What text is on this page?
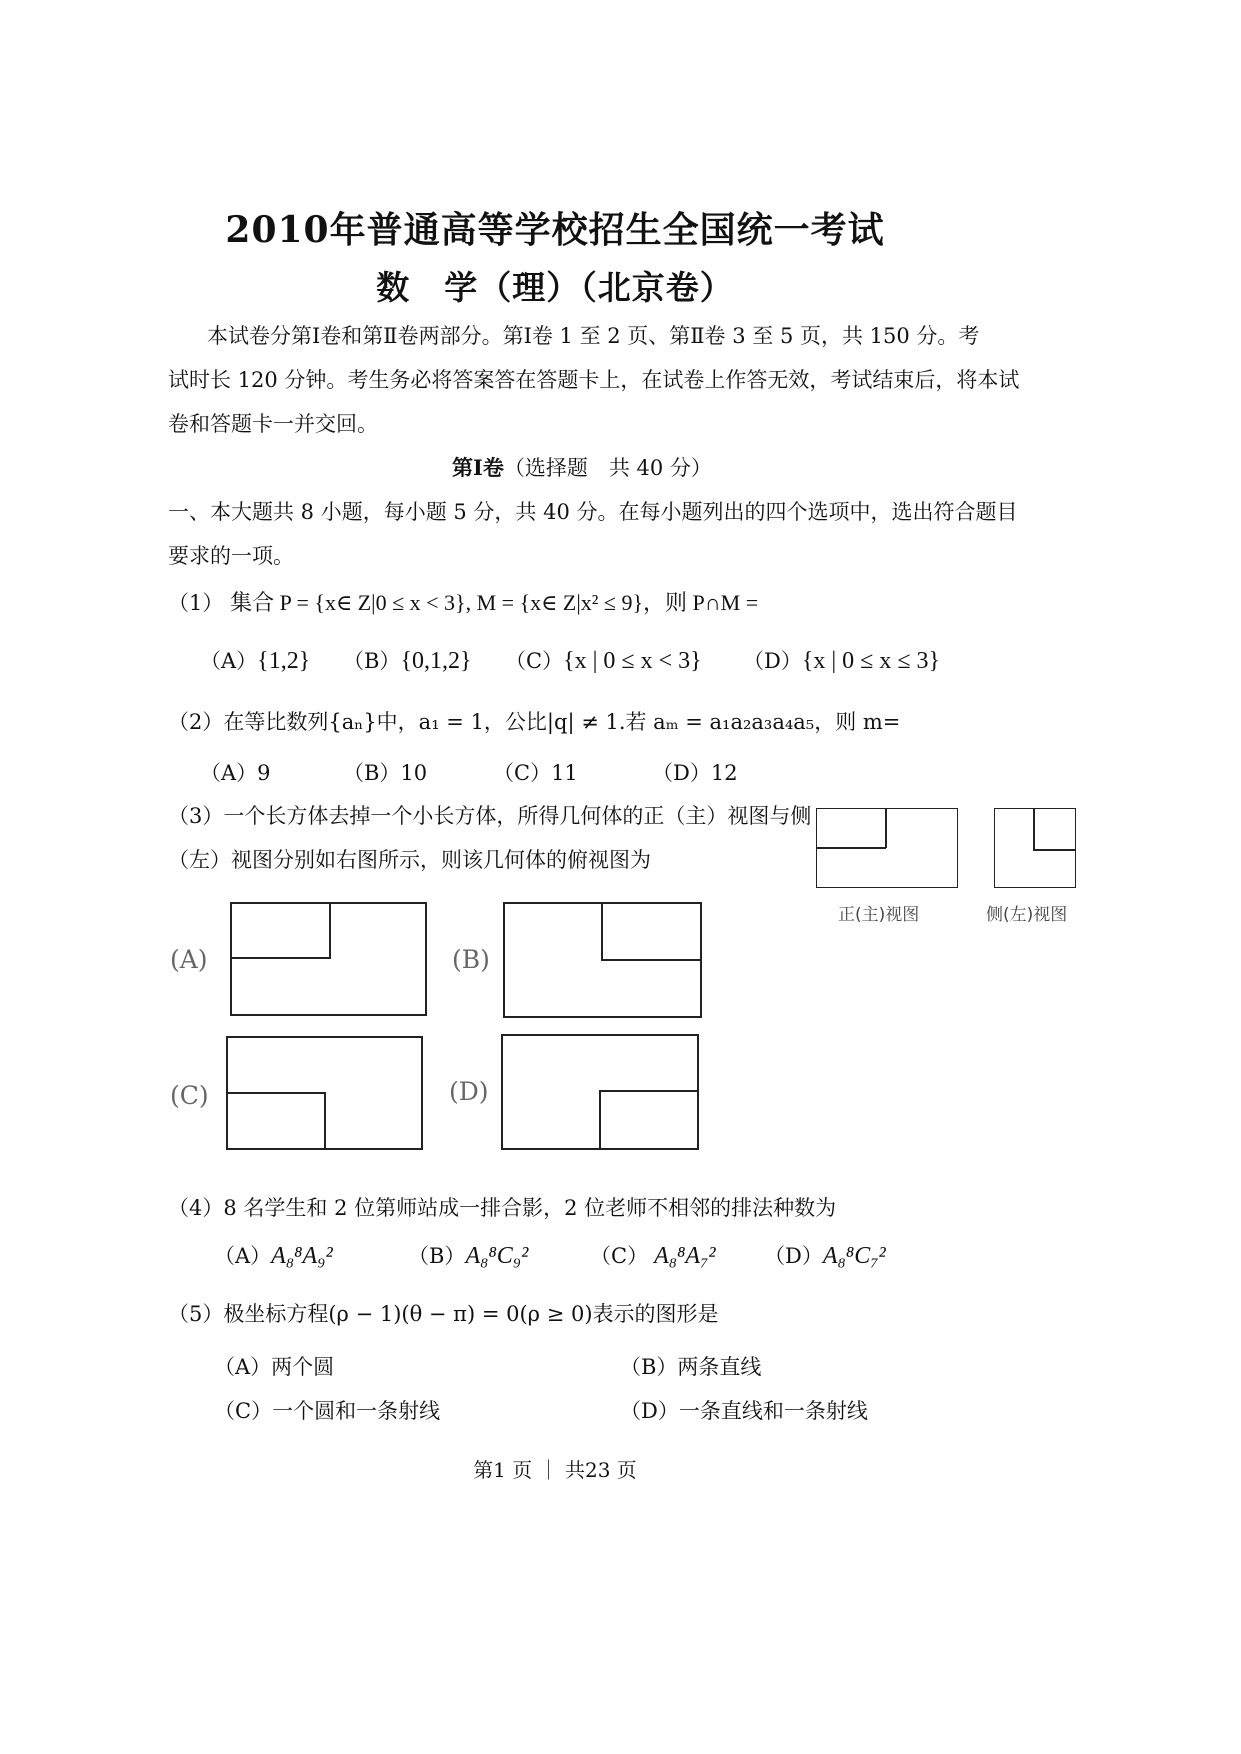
2010年普通高等学校招生全国统一考试
数　学（理）（北京卷）
本试卷分第Ⅰ卷和第Ⅱ卷两部分。第Ⅰ卷 1 至 2 页、第Ⅱ卷 3 至 5 页，共 150 分。考
试时长 120 分钟。考生务必将答案答在答题卡上，在试卷上作答无效，考试结束后，将本试
卷和答题卡一并交回。
第Ⅰ卷（选择题　共 40 分）
一、本大题共 8 小题，每小题 5 分，共 40 分。在每小题列出的四个选项中，选出符合题目
要求的一项。
（1） 集合 P = {x∈ Z|0 ≤ x < 3}, M = {x∈ Z|x² ≤ 9}，则 P∩M =
（A）{1,2} （B）{0,1,2} （C）{x | 0 ≤ x < 3} （D）{x | 0 ≤ x ≤ 3}
（2）在等比数列{aₙ}中，a₁ = 1，公比|q| ≠ 1.若 aₘ = a₁a₂a₃a₄a₅，则 m=
（A）9	（B）10	（C）11	（D）12
（3）一个长方体去掉一个小长方体，所得几何体的正（主）视图与侧
（左）视图分别如右图所示，则该几何体的俯视图为
正(主)视图	侧(左)视图
(A)	(B)
(C)	(D)
（4）8 名学生和 2 位第师站成一排合影，2 位老师不相邻的排法种数为
（A）A₈⁸A₉²	（B）A₈⁸C₉²	（C） A₈⁸A₇² （D）A₈⁸C₇²
（5）极坐标方程(ρ − 1)(θ − π) = 0(ρ ≥ 0)表示的图形是
（A）两个圆	（B）两条直线
（C）一个圆和一条射线	（D）一条直线和一条射线
第1 页 ｜ 共23 页
